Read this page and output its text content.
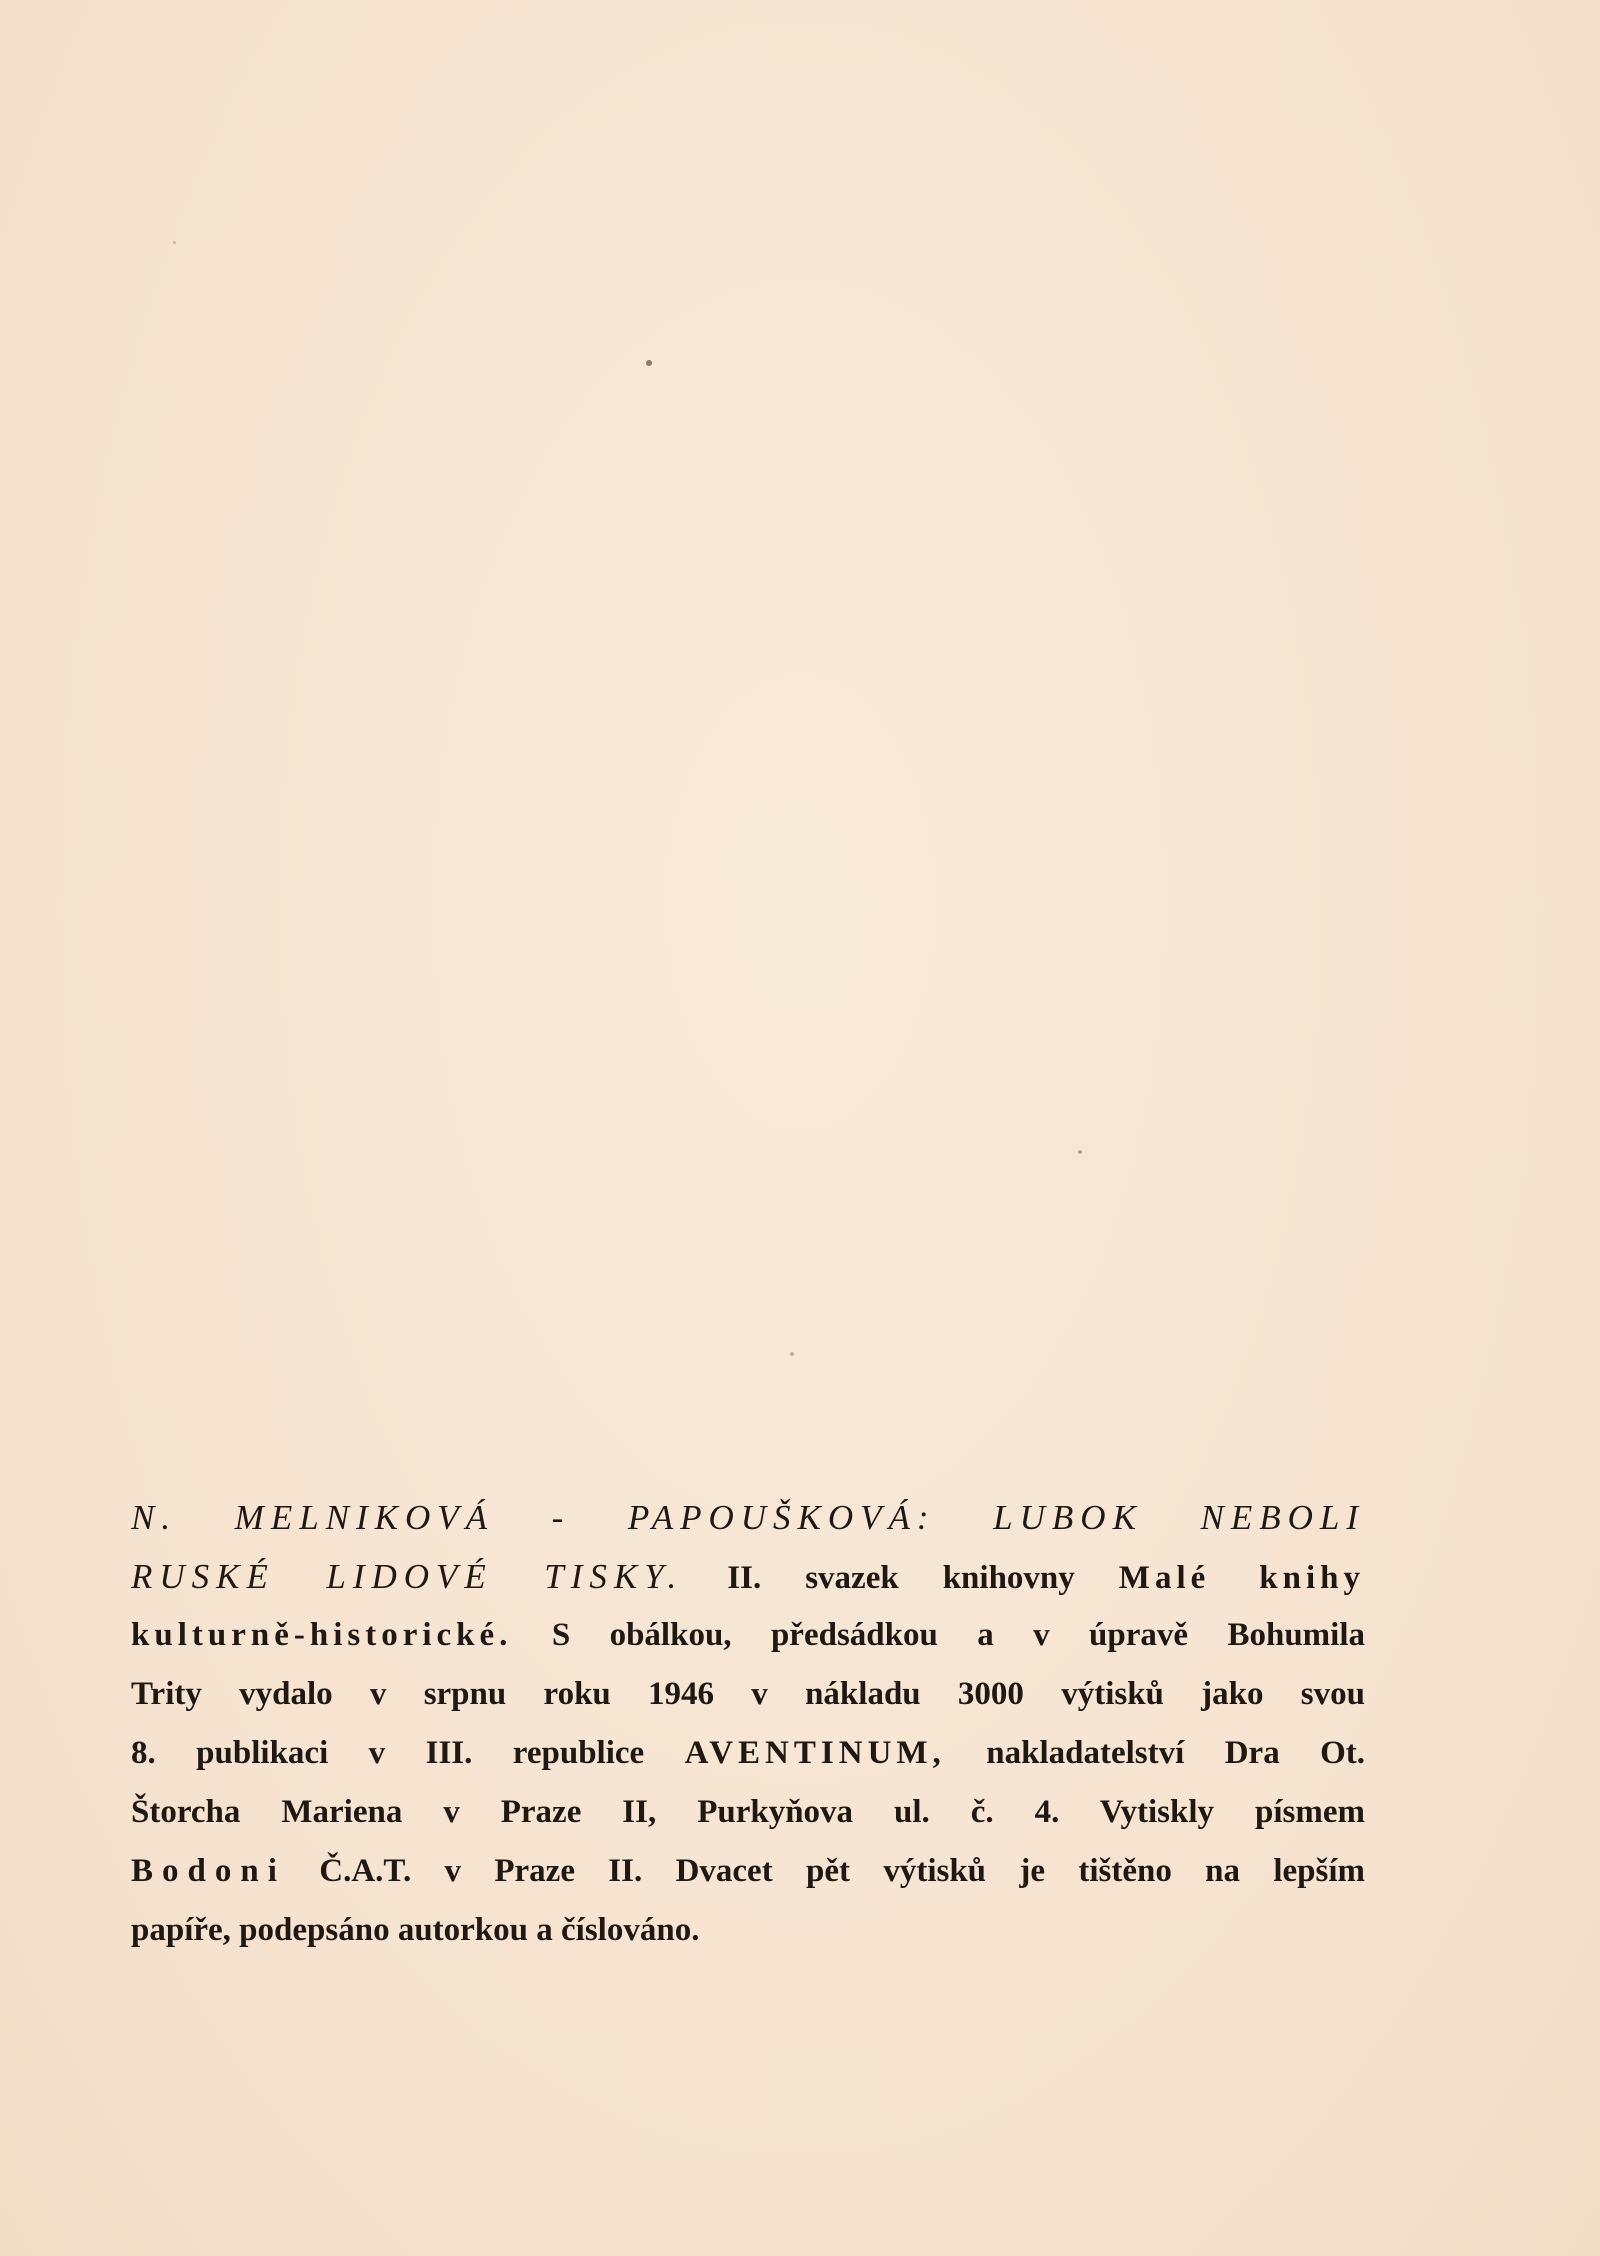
N. MELNIKOVÁ - PAPOUŠKOVÁ: LUBOK NEBOLI
RUSKÉ LIDOVÉ TISKY. II. svazek knihovny Malé knihy
kulturně-historické. S obálkou, předsádkou a v úpravě Bohumila
Trity vydalo v srpnu roku 1946 v nákladu 3000 výtisků jako svou
8. publikaci v III. republice AVENTINUM, nakladatelství Dra Ot.
Štorcha Mariena v Praze II, Purkyňova ul. č. 4. Vytiskly písmem
Bodoni Č.A.T. v Praze II. Dvacet pět výtisků je tištěno na lepším
papíře, podepsáno autorkou a číslováno.
